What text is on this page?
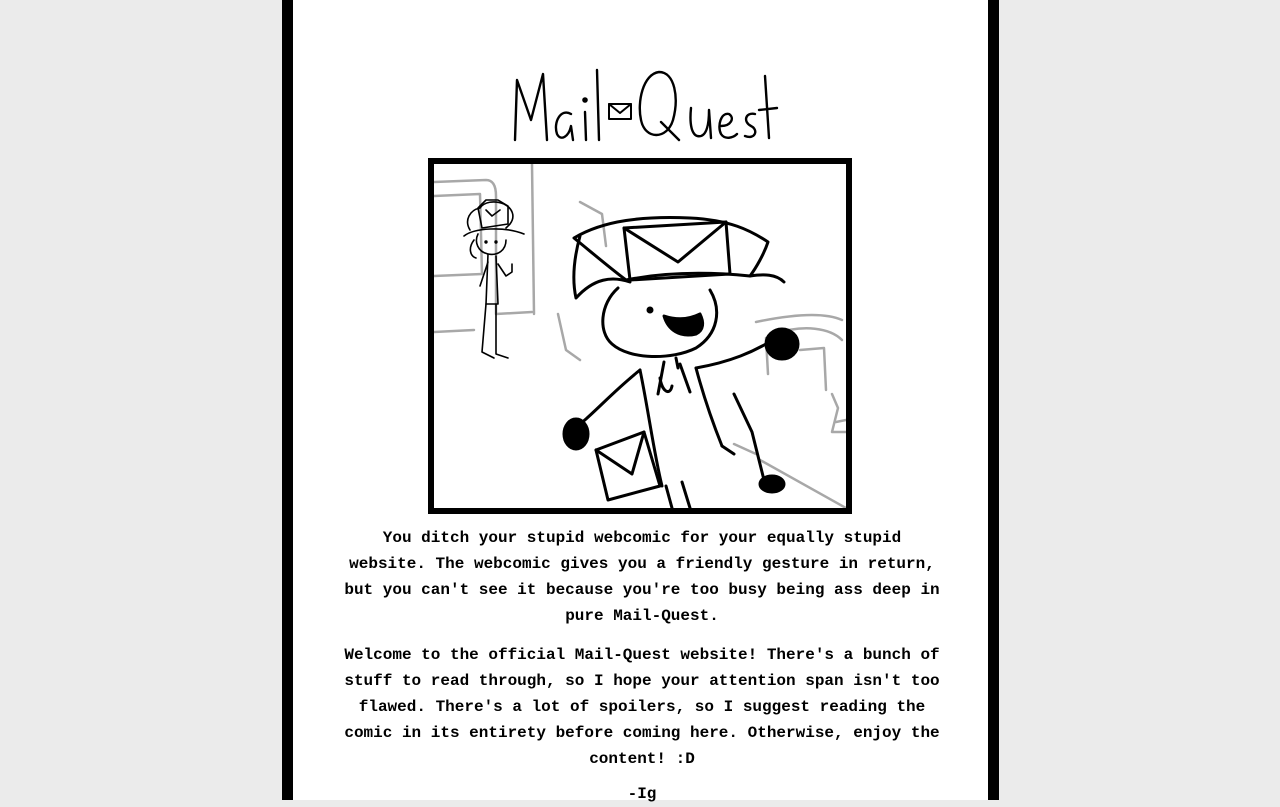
You ditch your stupid webcomic for your equally stupid website. The webcomic gives you a friendly gesture in return, but you can't see it because you're too busy being ass deep in pure Mail-Quest.

Welcome to the official Mail-Quest website! There's a bunch of stuff to read through, so I hope your attention span isn't too flawed. There's a lot of spoilers, so I suggest reading the comic in its entirety before coming here. Otherwise, enjoy the content! :D

-Ig
